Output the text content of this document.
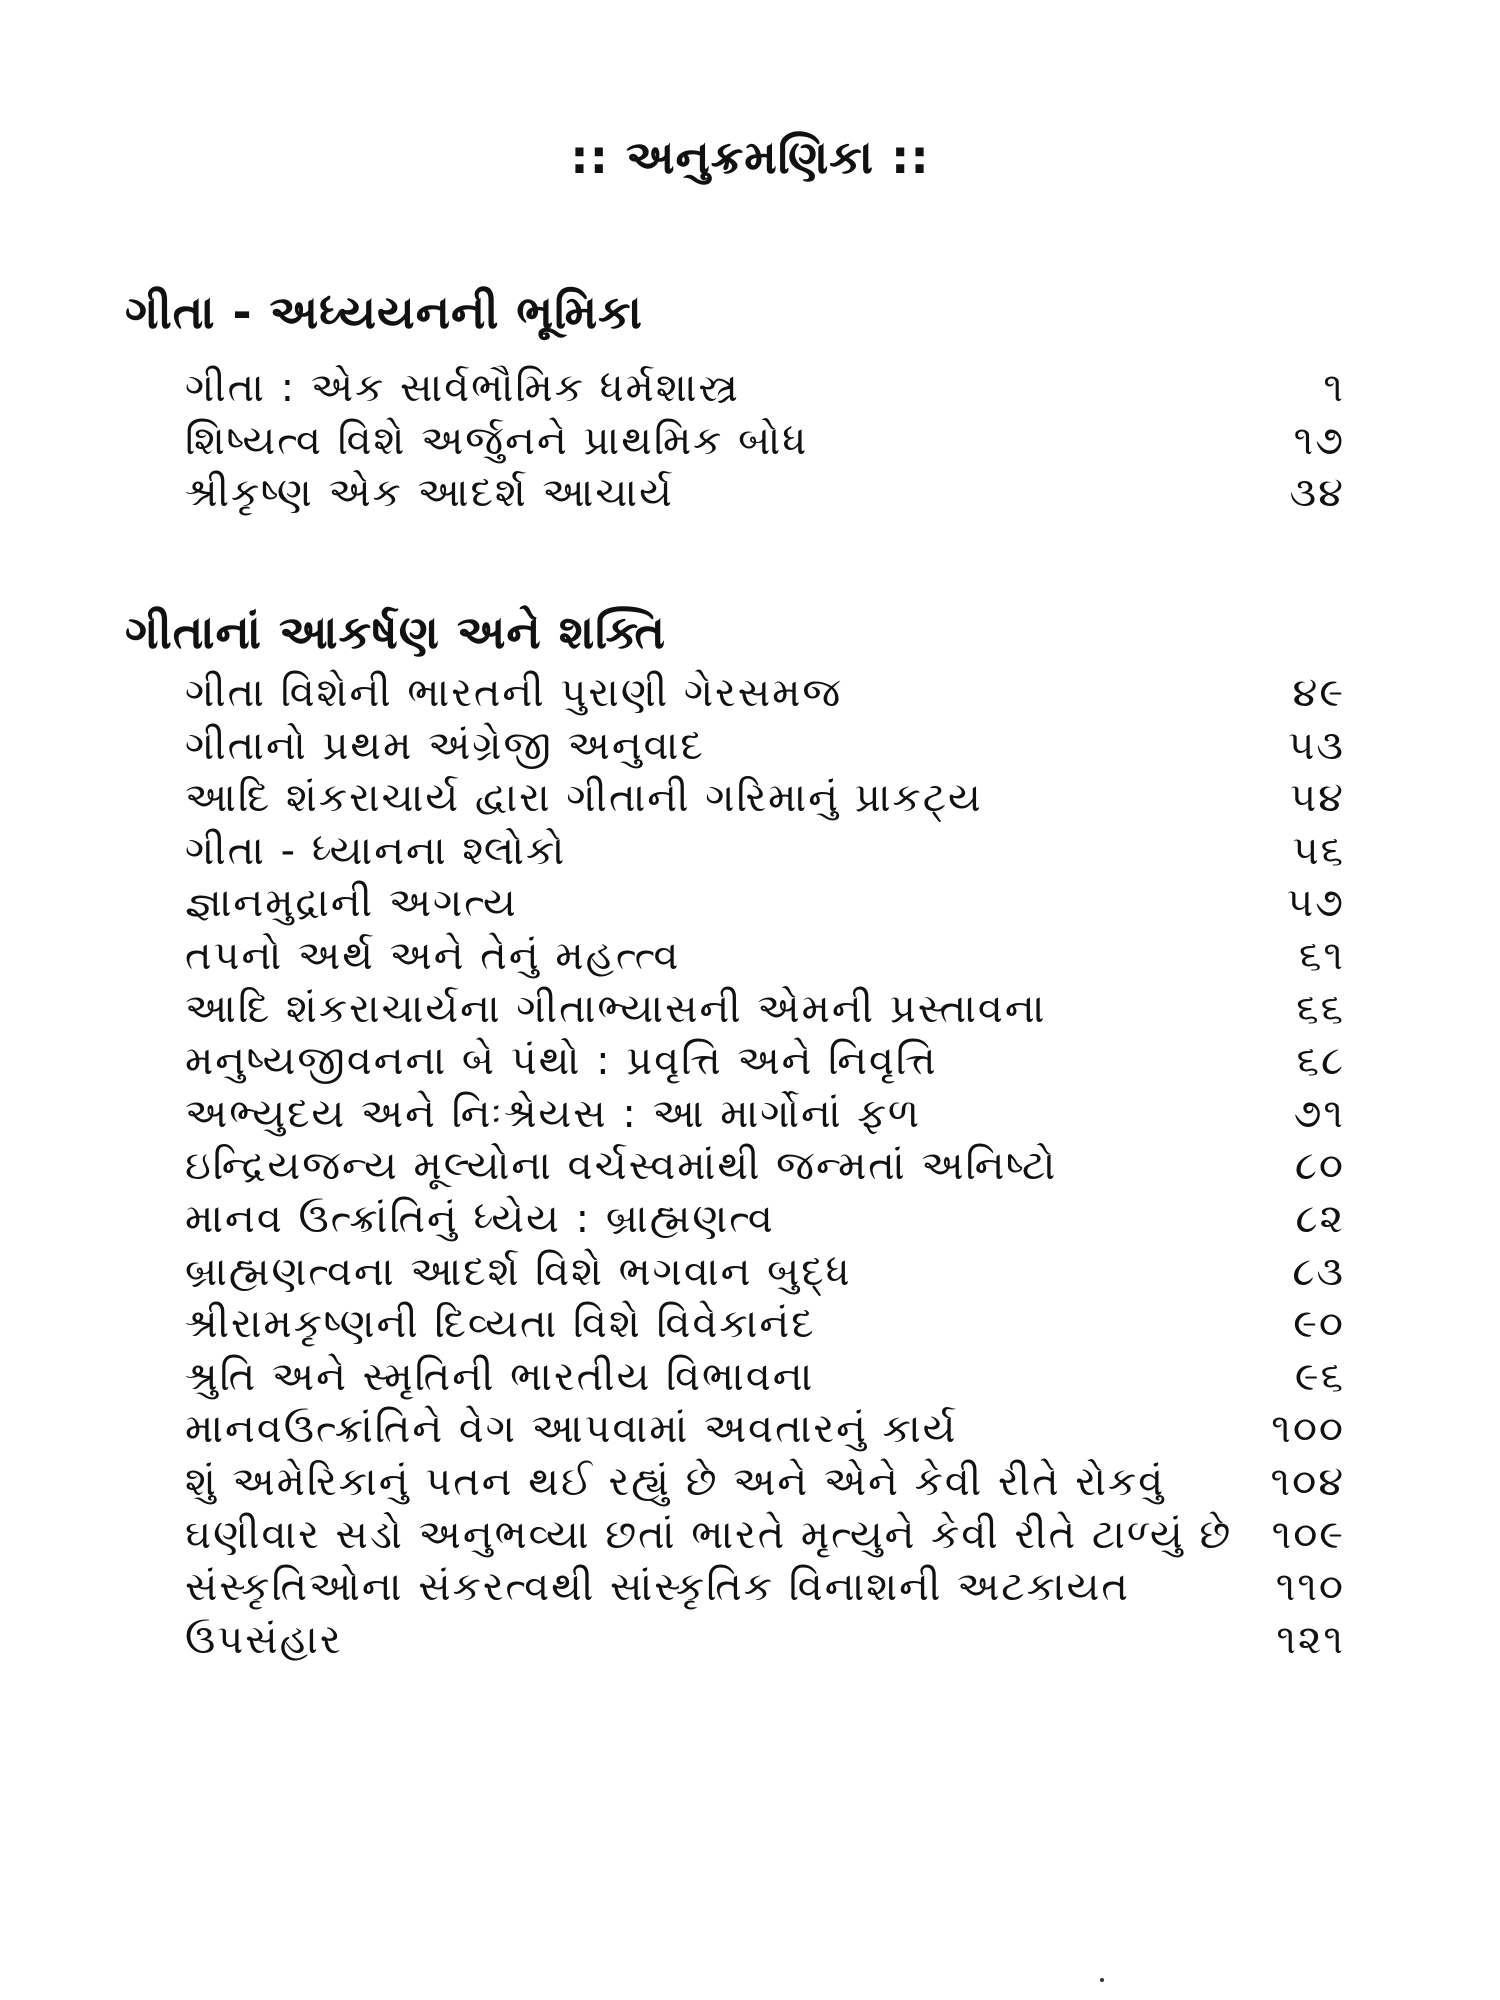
:: અનુક્રમણિકા ::
ગીતા - અધ્યયનની ભૂમિકા
ગીતા : એક સાર્વભૌમિક ધર્મશાસ્ત્ર	૧
શિષ્યત્વ વિશે અર્જુનને પ્રાથમિક બોધ	૧૭
શ્રીકૃષ્ણ એક આદર્શ આચાર્ય	૩૪
ગીતાનાં આકર્ષણ અને શક્તિ
ગીતા વિશેની ભારતની પુરાણી ગેરસમજ	૪૯
ગીતાનો પ્રથમ અંગ્રેજી અનુવાદ	૫૩
આદિ શંકરાચાર્ય દ્વારા ગીતાની ગરિમાનું પ્રાકટ્ય	૫૪
ગીતા - ધ્યાનના શ્લોકો	૫૬
જ્ઞાનમુદ્રાની અગત્ય	૫૭
તપનો અર્થ અને તેનું મહત્ત્વ	૬૧
આદિ શંકરાચાર્યના ગીતાભ્યાસની એમની પ્રસ્તાવના	૬૬
મનુષ્યજીવનના બે પંથો : પ્રવૃત્તિ અને નિવૃત્તિ	૬૮
અભ્યુદય અને નિઃશ્રેયસ : આ માર્ગોનાં ફળ	૭૧
ઇન્દ્રિયજન્ય મૂલ્યોના વર્ચસ્વમાંથી જન્મતાં અનિષ્ટો	૮૦
માનવ ઉત્ક્રાંતિનું ધ્યેય : બ્રાહ્મણત્વ	૮૨
બ્રાહ્મણત્વના આદર્શ વિશે ભગવાન બુદ્ધ	૮૩
શ્રીરામકૃષ્ણની દિવ્યતા વિશે વિવેકાનંદ	૯૦
શ્રુતિ અને સ્મૃતિની ભારતીય વિભાવના	૯૬
માનવઉત્ક્રાંતિને વેગ આપવામાં અવતારનું કાર્ય	૧૦૦
શું અમેરિકાનું પતન થઈ રહ્યું છે અને એને કેવી રીતે રોકવું	૧૦૪
ઘણીવાર સડો અનુભવ્યા છતાં ભારતે મૃત્યુને કેવી રીતે ટાળ્યું છે ૧૦૯
સંસ્કૃતિઓના સંકરત્વથી સાંસ્કૃતિક વિનાશની અટકાયત	૧૧૦
ઉપસંહાર	૧૨૧
